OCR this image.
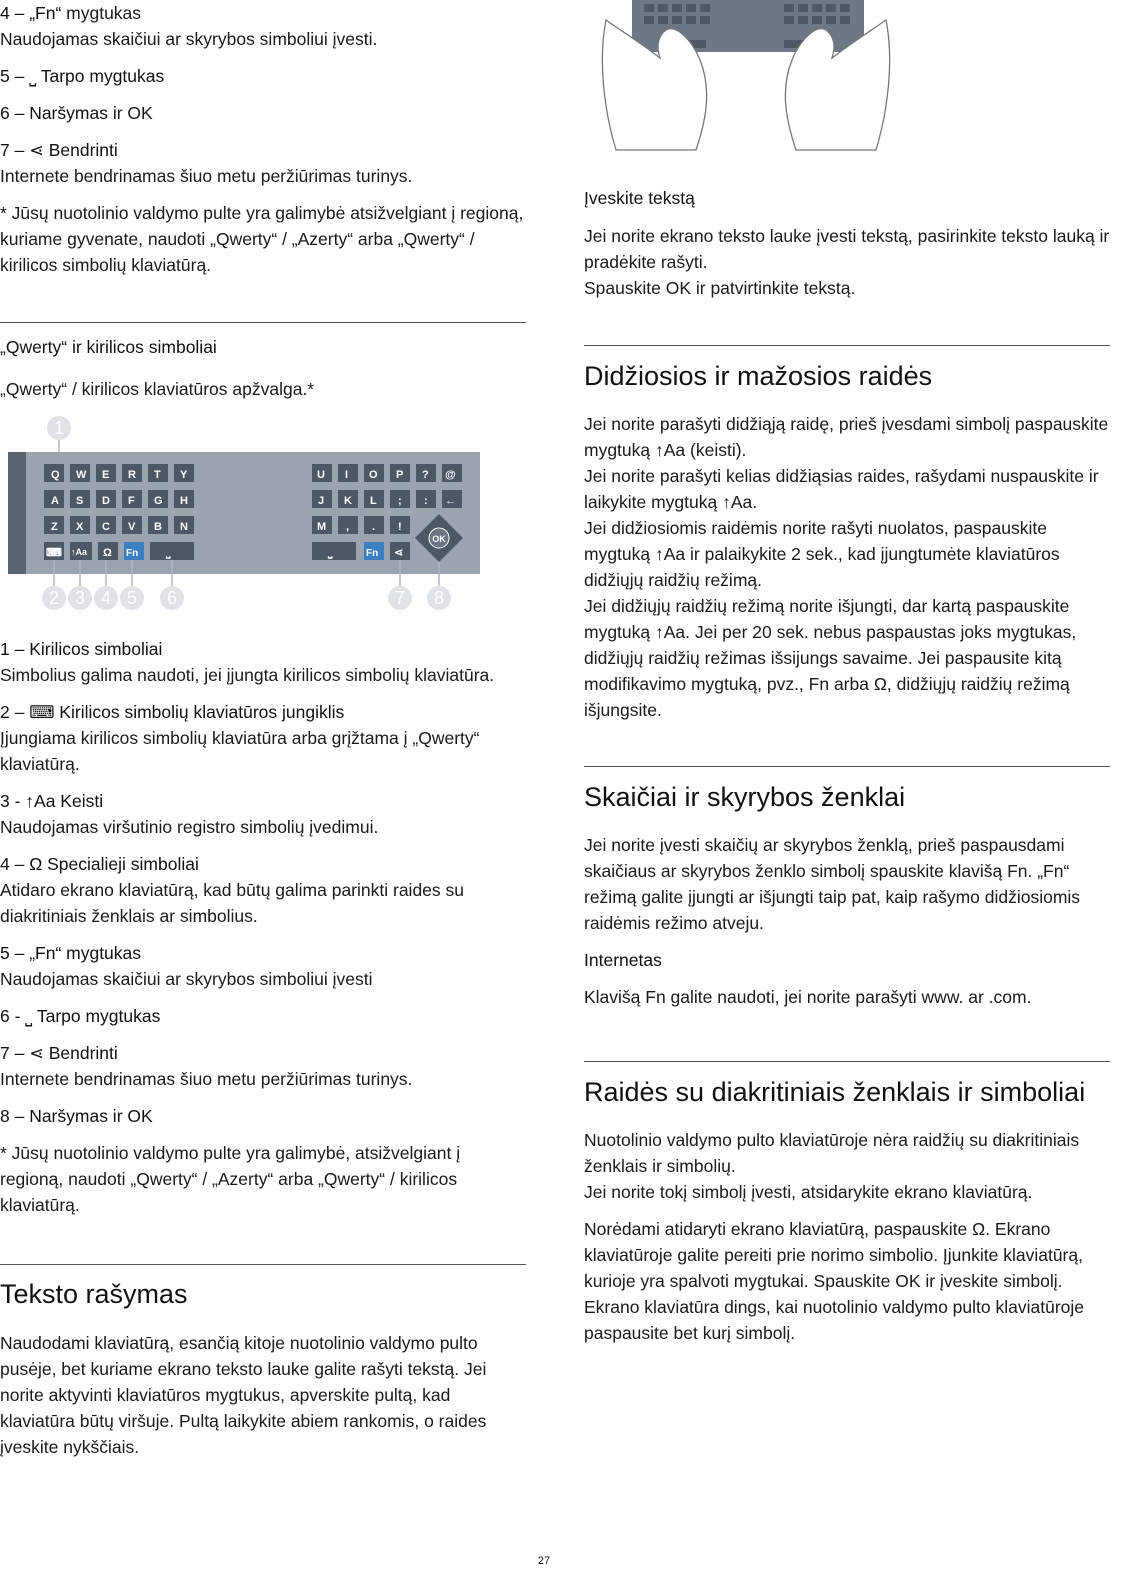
4 – „Fn“ mygtukas

Naudojamas skaičiui ar skyrybos simboliui įvesti.

5 – ⎵ Tarpo mygtukas

6 – Naršymas ir OK

7 – ⋖ Bendrinti

Internete bendrinamas šiuo metu peržiūrimas turinys.

* Jūsų nuotolinio valdymo pulte yra galimybė atsižvelgiant į regioną, kuriame gyvenate, naudoti „Qwerty“ / „Azerty“ arba „Qwerty“ / kirilicos simbolių klaviatūrą.

„Qwerty“ ir kirilicos simboliai

„Qwerty“ / kirilicos klaviatūros apžvalga.*

1
Q W E R T Y
A S D F G H
Z X C V B N
⌨ ↑Aa Ω Fn	⎵
U I O P ? @
J K L ; : ←
M , . !
⎵	Fn ⋖
OK
2 3 4 5 6	7 8

1 – Kirilicos simboliai

Simbolius galima naudoti, jei įjungta kirilicos simbolių klaviatūra.

2 – ⌨ Kirilicos simbolių klaviatūros jungiklis

Įjungiama kirilicos simbolių klaviatūra arba grįžtama į „Qwerty“ klaviatūrą.

3 - ↑Aa Keisti

Naudojamas viršutinio registro simbolių įvedimui.

4 – Ω Specialieji simboliai

Atidaro ekrano klaviatūrą, kad būtų galima parinkti raides su diakritiniais ženklais ar simbolius.

5 – „Fn“ mygtukas

Naudojamas skaičiui ar skyrybos simboliui įvesti

6 - ⎵ Tarpo mygtukas

7 – ⋖ Bendrinti

Internete bendrinamas šiuo metu peržiūrimas turinys.

8 – Naršymas ir OK

* Jūsų nuotolinio valdymo pulte yra galimybė, atsižvelgiant į regioną, naudoti „Qwerty“ / „Azerty“ arba „Qwerty“ / kirilicos klaviatūrą.

Teksto rašymas

Naudodami klaviatūrą, esančią kitoje nuotolinio valdymo pulto pusėje, bet kuriame ekrano teksto lauke galite rašyti tekstą. Jei norite aktyvinti klaviatūros mygtukus, apverskite pultą, kad klaviatūra būtų viršuje. Pultą laikykite abiem rankomis, o raides įveskite nykščiais.

Įveskite tekstą

Jei norite ekrano teksto lauke įvesti tekstą, pasirinkite teksto lauką ir pradėkite rašyti.

Spauskite OK ir patvirtinkite tekstą.

Didžiosios ir mažosios raidės

Jei norite parašyti didžiąją raidę, prieš įvesdami simbolį paspauskite mygtuką ↑Aa (keisti).

Jei norite parašyti kelias didžiąsias raides, rašydami nuspauskite ir laikykite mygtuką ↑Aa.

Jei didžiosiomis raidėmis norite rašyti nuolatos, paspauskite mygtuką ↑Aa ir palaikykite 2 sek., kad įjungtumėte klaviatūros didžiųjų raidžių režimą.

Jei didžiųjų raidžių režimą norite išjungti, dar kartą paspauskite mygtuką ↑Aa. Jei per 20 sek. nebus paspaustas joks mygtukas, didžiųjų raidžių režimas išsijungs savaime. Jei paspausite kitą modifikavimo mygtuką, pvz., Fn arba Ω, didžiųjų raidžių režimą išjungsite.

Skaičiai ir skyrybos ženklai

Jei norite įvesti skaičių ar skyrybos ženklą, prieš paspausdami skaičiaus ar skyrybos ženklo simbolį spauskite klavišą Fn. „Fn“ režimą galite įjungti ar išjungti taip pat, kaip rašymo didžiosiomis raidėmis režimo atveju.

Internetas

Klavišą Fn galite naudoti, jei norite parašyti www. ar .com.

Raidės su diakritiniais ženklais ir simboliai

Nuotolinio valdymo pulto klaviatūroje nėra raidžių su diakritiniais ženklais ir simbolių.

Jei norite tokį simbolį įvesti, atsidarykite ekrano klaviatūrą.

Norėdami atidaryti ekrano klaviatūrą, paspauskite Ω. Ekrano klaviatūroje galite pereiti prie norimo simbolio. Įjunkite klaviatūrą, kurioje yra spalvoti mygtukai. Spauskite OK ir įveskite simbolį. Ekrano klaviatūra dings, kai nuotolinio valdymo pulto klaviatūroje paspausite bet kurį simbolį.

27
